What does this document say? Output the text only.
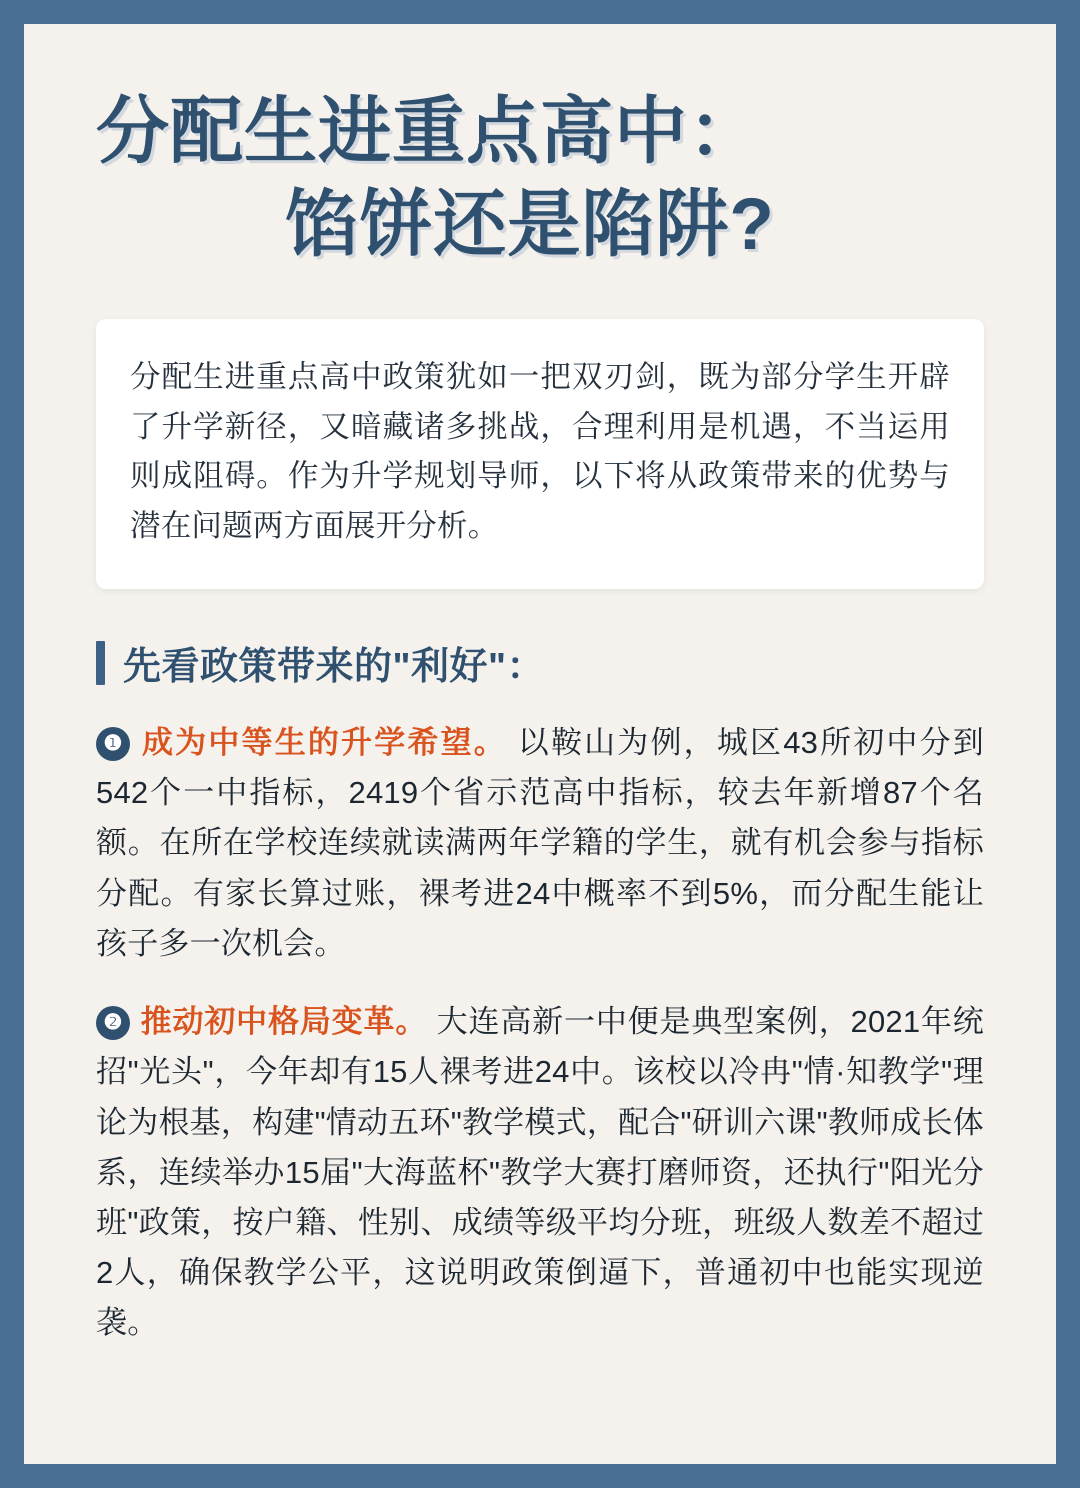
分配生进重点高中：
馅饼还是陷阱?

分配生进重点高中政策犹如一把双刃剑，既为部分学生开辟了升学新径，又暗藏诸多挑战，合理利用是机遇，不当运用则成阻碍。作为升学规划导师，以下将从政策带来的优势与潜在问题两方面展开分析。

先看政策带来的"利好"：
❶ 成为中等生的升学希望。 以鞍山为例，城区43所初中分到542个一中指标，2419个省示范高中指标，较去年新增87个名额。在所在学校连续就读满两年学籍的学生，就有机会参与指标分配。有家长算过账，裸考进24中概率不到5%，而分配生能让孩子多一次机会。
❷ 推动初中格局变革。 大连高新一中便是典型案例，2021年统招"光头"，今年却有15人裸考进24中。该校以冷冉"情·知教学"理论为根基，构建"情动五环"教学模式，配合"研训六课"教师成长体系，连续举办15届"大海蓝杯"教学大赛打磨师资，还执行"阳光分班"政策，按户籍、性别、成绩等级平均分班，班级人数差不超过2人，确保教学公平，这说明政策倒逼下，普通初中也能实现逆袭。
